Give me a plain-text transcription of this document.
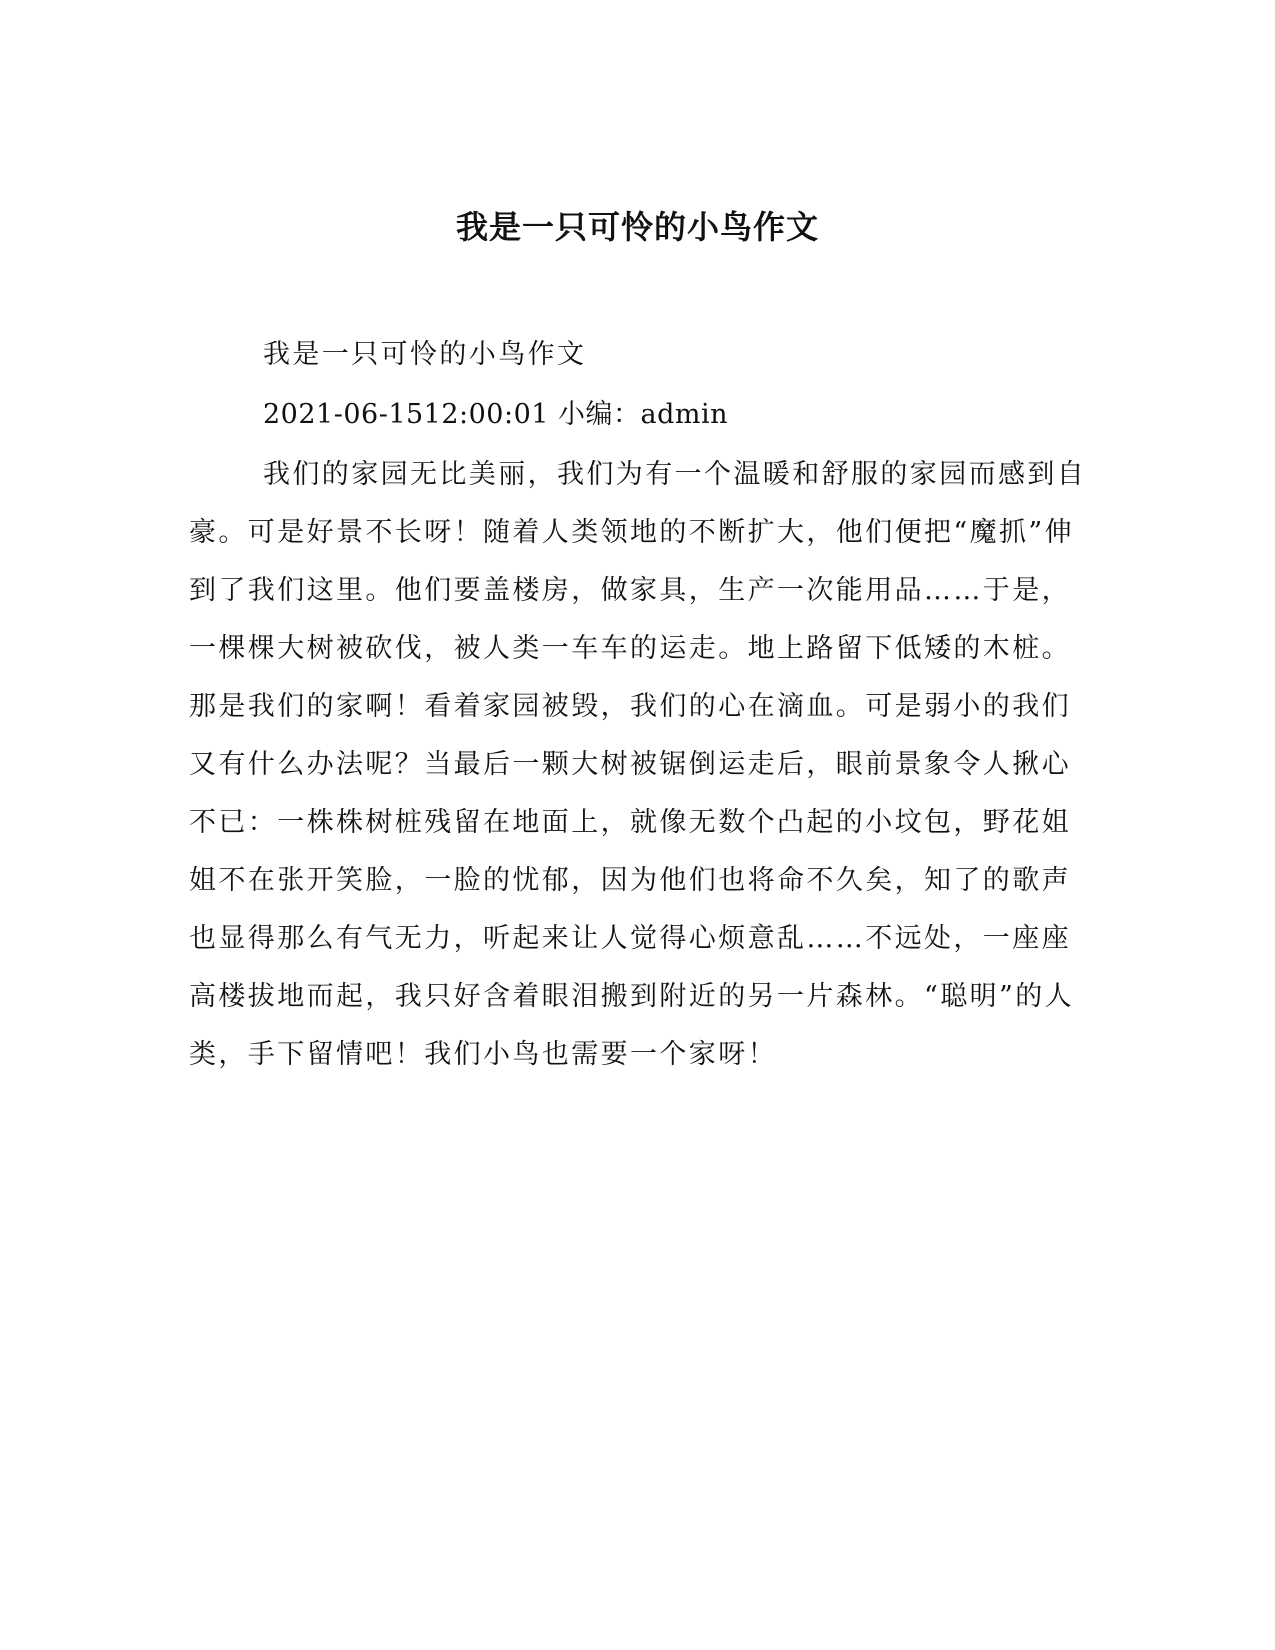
我是一只可怜的小鸟作文
我是一只可怜的小鸟作文
2021-06-1512:00:01 小编：admin
我们的家园无比美丽，我们为有一个温暖和舒服的家园而感到自
豪。可是好景不长呀！随着人类领地的不断扩大，他们便把“魔抓”伸
到了我们这里。他们要盖楼房，做家具，生产一次能用品……于是，
一棵棵大树被砍伐，被人类一车车的运走。地上路留下低矮的木桩。
那是我们的家啊！看着家园被毁，我们的心在滴血。可是弱小的我们
又有什么办法呢？当最后一颗大树被锯倒运走后，眼前景象令人揪心
不已：一株株树桩残留在地面上，就像无数个凸起的小坟包，野花姐
姐不在张开笑脸，一脸的忧郁，因为他们也将命不久矣，知了的歌声
也显得那么有气无力，听起来让人觉得心烦意乱……不远处，一座座
高楼拔地而起，我只好含着眼泪搬到附近的另一片森林。“聪明”的人
类，手下留情吧！我们小鸟也需要一个家呀！
